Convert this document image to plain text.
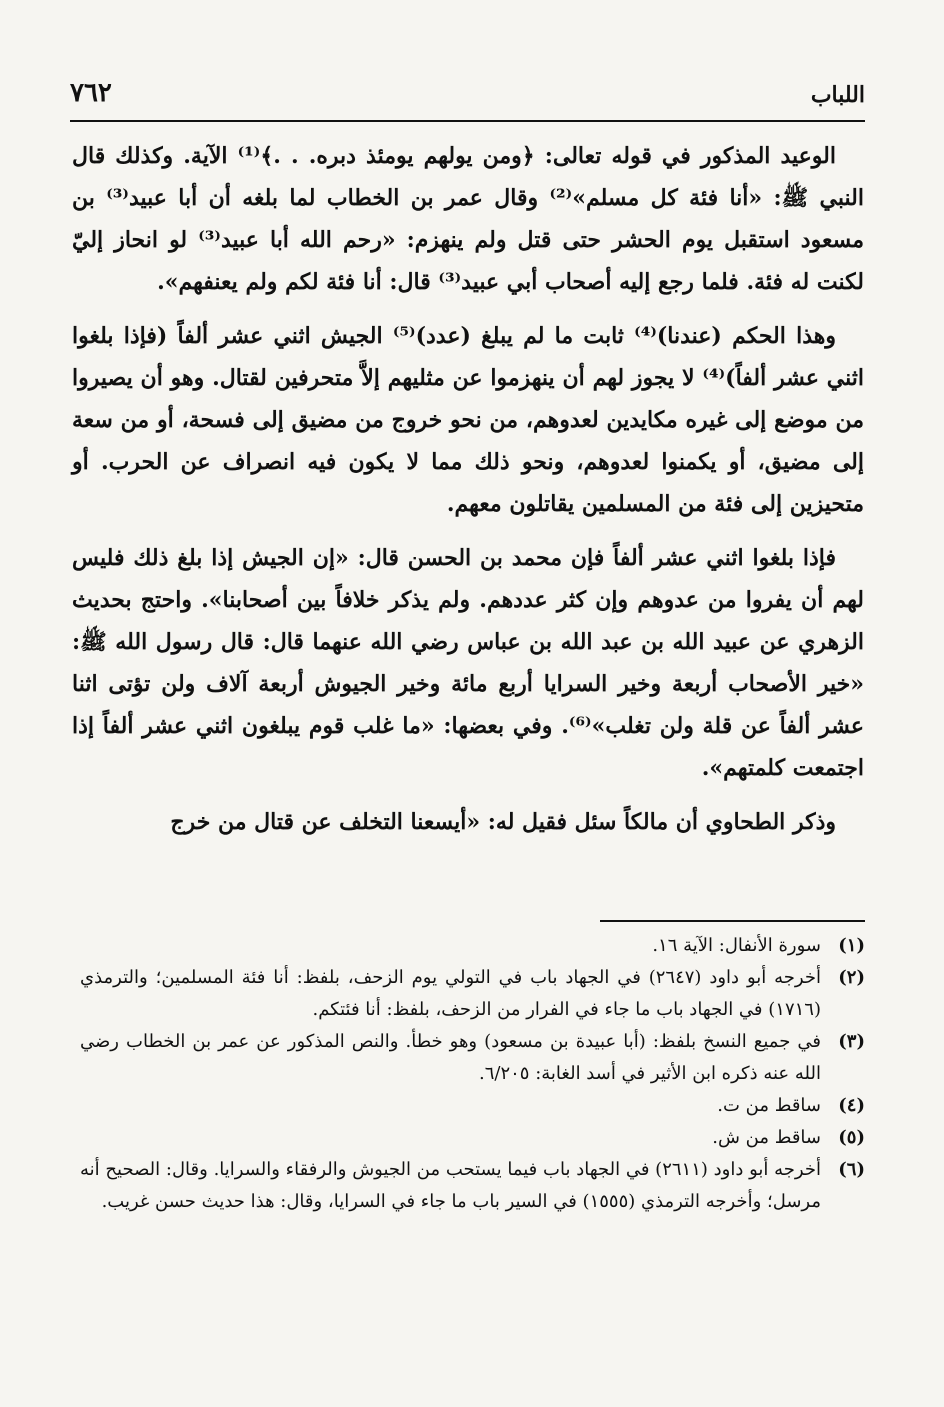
٧٦٢	اللباب

الوعيد المذكور في قوله تعالى: ﴿ومن يولهم يومئذ دبره. . .﴾⁽¹⁾ الآية. وكذلك قال النبي ﷺ: «أنا فئة كل مسلم»⁽²⁾ وقال عمر بن الخطاب لما بلغه أن أبا عبيد⁽³⁾ بن مسعود استقبل يوم الحشر حتى قتل ولم ينهزم: «رحم الله أبا عبيد⁽³⁾ لو انحاز إليّ لكنت له فئة. فلما رجع إليه أصحاب أبي عبيد⁽³⁾ قال: أنا فئة لكم ولم يعنفهم».

وهذا الحكم (عندنا)⁽⁴⁾ ثابت ما لم يبلغ (عدد)⁽⁵⁾ الجيش اثني عشر ألفاً (فإذا بلغوا اثني عشر ألفاً)⁽⁴⁾ لا يجوز لهم أن ينهزموا عن مثليهم إلاَّ متحرفين لقتال. وهو أن يصيروا من موضع إلى غيره مكايدين لعدوهم، من نحو خروج من مضيق إلى فسحة، أو من سعة إلى مضيق، أو يكمنوا لعدوهم، ونحو ذلك مما لا يكون فيه انصراف عن الحرب. أو متحيزين إلى فئة من المسلمين يقاتلون معهم.

فإذا بلغوا اثني عشر ألفاً فإن محمد بن الحسن قال: «إن الجيش إذا بلغ ذلك فليس لهم أن يفروا من عدوهم وإن كثر عددهم. ولم يذكر خلافاً بين أصحابنا». واحتج بحديث الزهري عن عبيد الله بن عبد الله بن عباس رضي الله عنهما قال: قال رسول الله ﷺ: «خير الأصحاب أربعة وخير السرايا أربع مائة وخير الجيوش أربعة آلاف ولن تؤتى اثنا عشر ألفاً عن قلة ولن تغلب»⁽⁶⁾. وفي بعضها: «ما غلب قوم يبلغون اثني عشر ألفاً إذا اجتمعت كلمتهم».

وذكر الطحاوي أن مالكاً سئل فقيل له: «أيسعنا التخلف عن قتال من خرج

(١)
سورة الأنفال: الآية ١٦.
(٢)
أخرجه أبو داود (٢٦٤٧) في الجهاد باب في التولي يوم الزحف، بلفظ: أنا فئة المسلمين؛ والترمذي (١٧١٦) في الجهاد باب ما جاء في الفرار من الزحف، بلفظ: أنا فئتكم.
(٣)
في جميع النسخ بلفظ: (أبا عبيدة بن مسعود) وهو خطأ. والنص المذكور عن عمر بن الخطاب رضي الله عنه ذكره ابن الأثير في أسد الغابة: ٦/٢٠٥.
(٤)
ساقط من ت.
(٥)
ساقط من ش.
(٦)
أخرجه أبو داود (٢٦١١) في الجهاد باب فيما يستحب من الجيوش والرفقاء والسرايا. وقال: الصحيح أنه مرسل؛ وأخرجه الترمذي (١٥٥٥) في السير باب ما جاء في السرايا، وقال: هذا حديث حسن غريب.
